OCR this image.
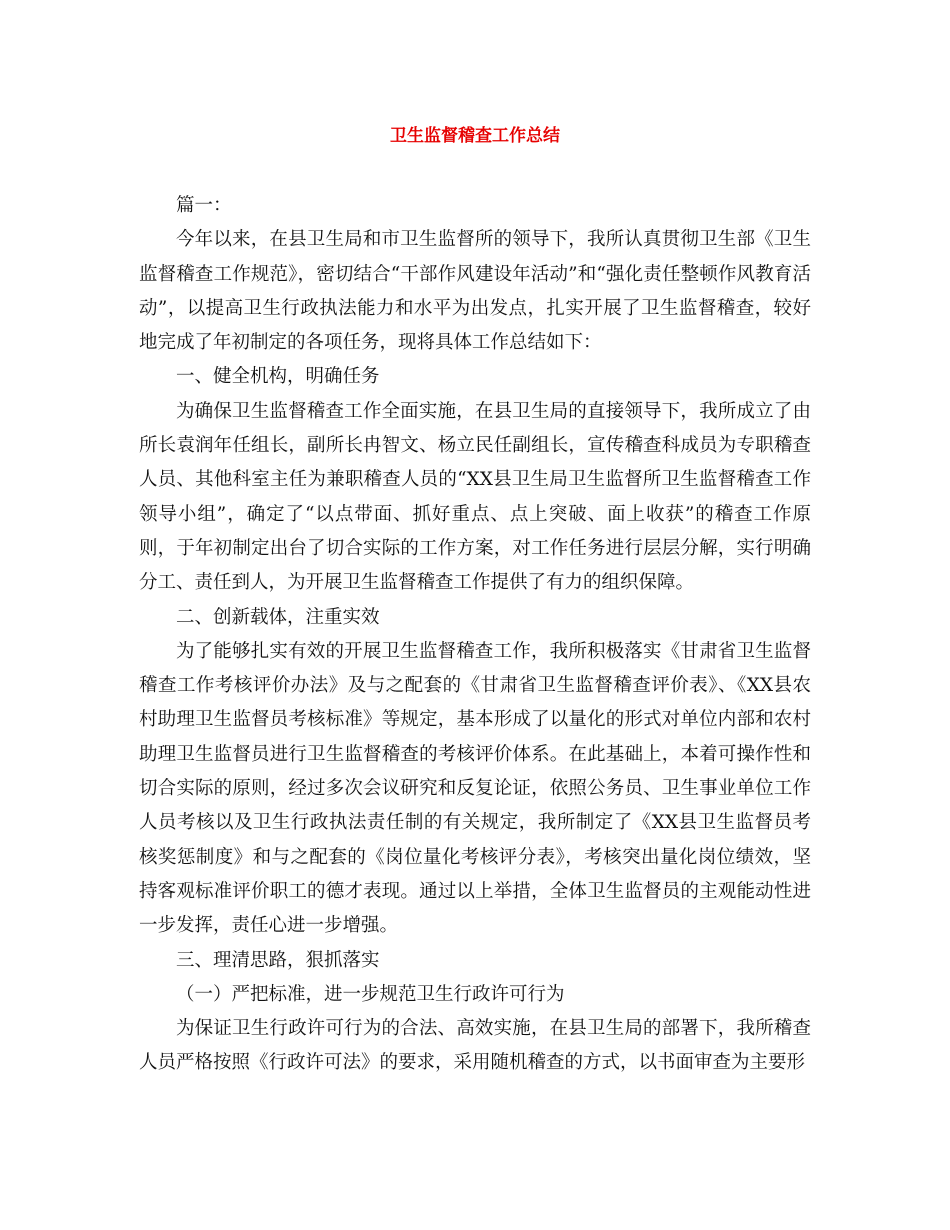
卫生监督稽查工作总结

篇一：

今年以来，在县卫生局和市卫生监督所的领导下，我所认真贯彻卫生部《卫生监督稽查工作规范》，密切结合“干部作风建设年活动”和“强化责任整顿作风教育活动”，以提高卫生行政执法能力和水平为出发点，扎实开展了卫生监督稽查，较好地完成了年初制定的各项任务，现将具体工作总结如下：

一、健全机构，明确任务

为确保卫生监督稽查工作全面实施，在县卫生局的直接领导下，我所成立了由所长袁润年任组长，副所长冉智文、杨立民任副组长，宣传稽查科成员为专职稽查人员、其他科室主任为兼职稽查人员的“XX县卫生局卫生监督所卫生监督稽查工作领导小组”，确定了“以点带面、抓好重点、点上突破、面上收获”的稽查工作原则，于年初制定出台了切合实际的工作方案，对工作任务进行层层分解，实行明确分工、责任到人，为开展卫生监督稽查工作提供了有力的组织保障。

二、创新载体，注重实效

为了能够扎实有效的开展卫生监督稽查工作，我所积极落实《甘肃省卫生监督稽查工作考核评价办法》及与之配套的《甘肃省卫生监督稽查评价表》、《XX县农村助理卫生监督员考核标准》等规定，基本形成了以量化的形式对单位内部和农村助理卫生监督员进行卫生监督稽查的考核评价体系。在此基础上，本着可操作性和切合实际的原则，经过多次会议研究和反复论证，依照公务员、卫生事业单位工作人员考核以及卫生行政执法责任制的有关规定，我所制定了《XX县卫生监督员考核奖惩制度》和与之配套的《岗位量化考核评分表》，考核突出量化岗位绩效，坚持客观标准评价职工的德才表现。通过以上举措，全体卫生监督员的主观能动性进一步发挥，责任心进一步增强。

三、理清思路，狠抓落实

（一）严把标准，进一步规范卫生行政许可行为

为保证卫生行政许可行为的合法、高效实施，在县卫生局的部署下，我所稽查人员严格按照《行政许可法》的要求，采用随机稽查的方式，以书面审查为主要形
